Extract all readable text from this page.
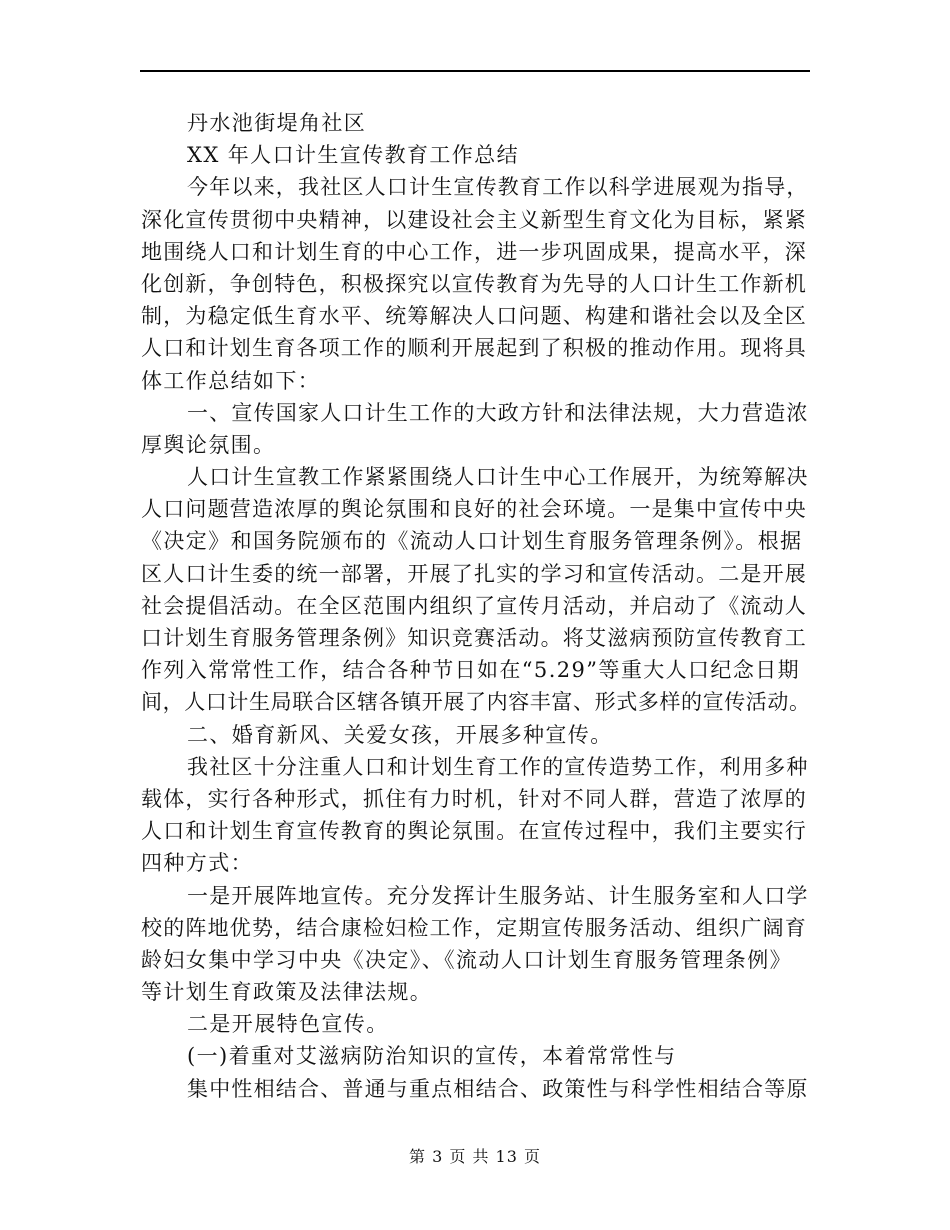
丹水池街堤角社区
XX 年人口计生宣传教育工作总结
今年以来，我社区人口计生宣传教育工作以科学进展观为指导，
深化宣传贯彻中央精神，以建设社会主义新型生育文化为目标，紧紧
地围绕人口和计划生育的中心工作，进一步巩固成果，提高水平，深
化创新，争创特色，积极探究以宣传教育为先导的人口计生工作新机
制，为稳定低生育水平、统筹解决人口问题、构建和谐社会以及全区
人口和计划生育各项工作的顺利开展起到了积极的推动作用。现将具
体工作总结如下：
一、宣传国家人口计生工作的大政方针和法律法规，大力营造浓
厚舆论氛围。
人口计生宣教工作紧紧围绕人口计生中心工作展开，为统筹解决
人口问题营造浓厚的舆论氛围和良好的社会环境。一是集中宣传中央
《决定》和国务院颁布的《流动人口计划生育服务管理条例》。根据
区人口计生委的统一部署，开展了扎实的学习和宣传活动。二是开展
社会提倡活动。在全区范围内组织了宣传月活动，并启动了《流动人
口计划生育服务管理条例》知识竞赛活动。将艾滋病预防宣传教育工
作列入常常性工作，结合各种节日如在“5.29”等重大人口纪念日期
间，人口计生局联合区辖各镇开展了内容丰富、形式多样的宣传活动。
二、婚育新风、关爱女孩，开展多种宣传。
我社区十分注重人口和计划生育工作的宣传造势工作，利用多种
载体，实行各种形式，抓住有力时机，针对不同人群，营造了浓厚的
人口和计划生育宣传教育的舆论氛围。在宣传过程中，我们主要实行
四种方式：
一是开展阵地宣传。充分发挥计生服务站、计生服务室和人口学
校的阵地优势，结合康检妇检工作，定期宣传服务活动、组织广阔育
龄妇女集中学习中央《决定》、《流动人口计划生育服务管理条例》
等计划生育政策及法律法规。
二是开展特色宣传。
(一)着重对艾滋病防治知识的宣传，本着常常性与
集中性相结合、普通与重点相结合、政策性与科学性相结合等原
第 3 页 共 13 页
